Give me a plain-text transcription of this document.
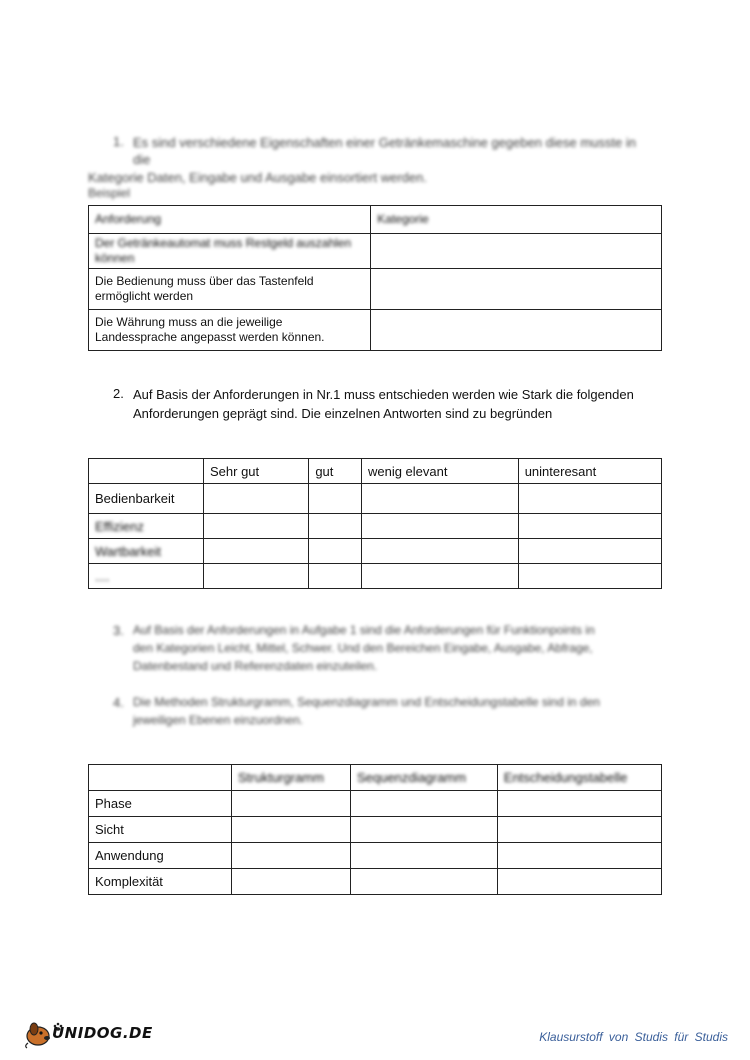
1. Es sind verschiedene Eigenschaften einer Getränkemaschine gegeben diese musste in
die
Kategorie Daten, Eingabe und Ausgabe einsortiert werden.
Beispiel
Anforderung	Kategorie
Der Getränkeautomat muss Restgeld auszahlen können	
Die Bedienung muss über das Tastenfeld ermöglicht werden	
Die Währung muss an die jeweilige Landessprache angepasst werden können.	
2. Auf Basis der Anforderungen in Nr.1 muss entschieden werden wie Stark die folgenden
Anforderungen geprägt sind. Die einzelnen Antworten sind zu begründen
	Sehr gut	gut	wenig elevant	uninteresant
Bedienbarkeit				
Effizienz				
Wartbarkeit				
....				
3. Auf Basis der Anforderungen in Aufgabe 1 sind die Anforderungen für Funktionpoints in
den Kategorien Leicht, Mittel, Schwer. Und den Bereichen Eingabe, Ausgabe, Abfrage,
Datenbestand und Referenzdaten einzuteilen.
4. Die Methoden Strukturgramm, Sequenzdiagramm und Entscheidungstabelle sind in den
jeweiligen Ebenen einzuordnen.
	Strukturgramm	Sequenzdiagramm	Entscheidungstabelle
Phase			
Sicht			
Anwendung			
Komplexität			
UNIDOG.DE	Klausurstoff von Studis für Studis
